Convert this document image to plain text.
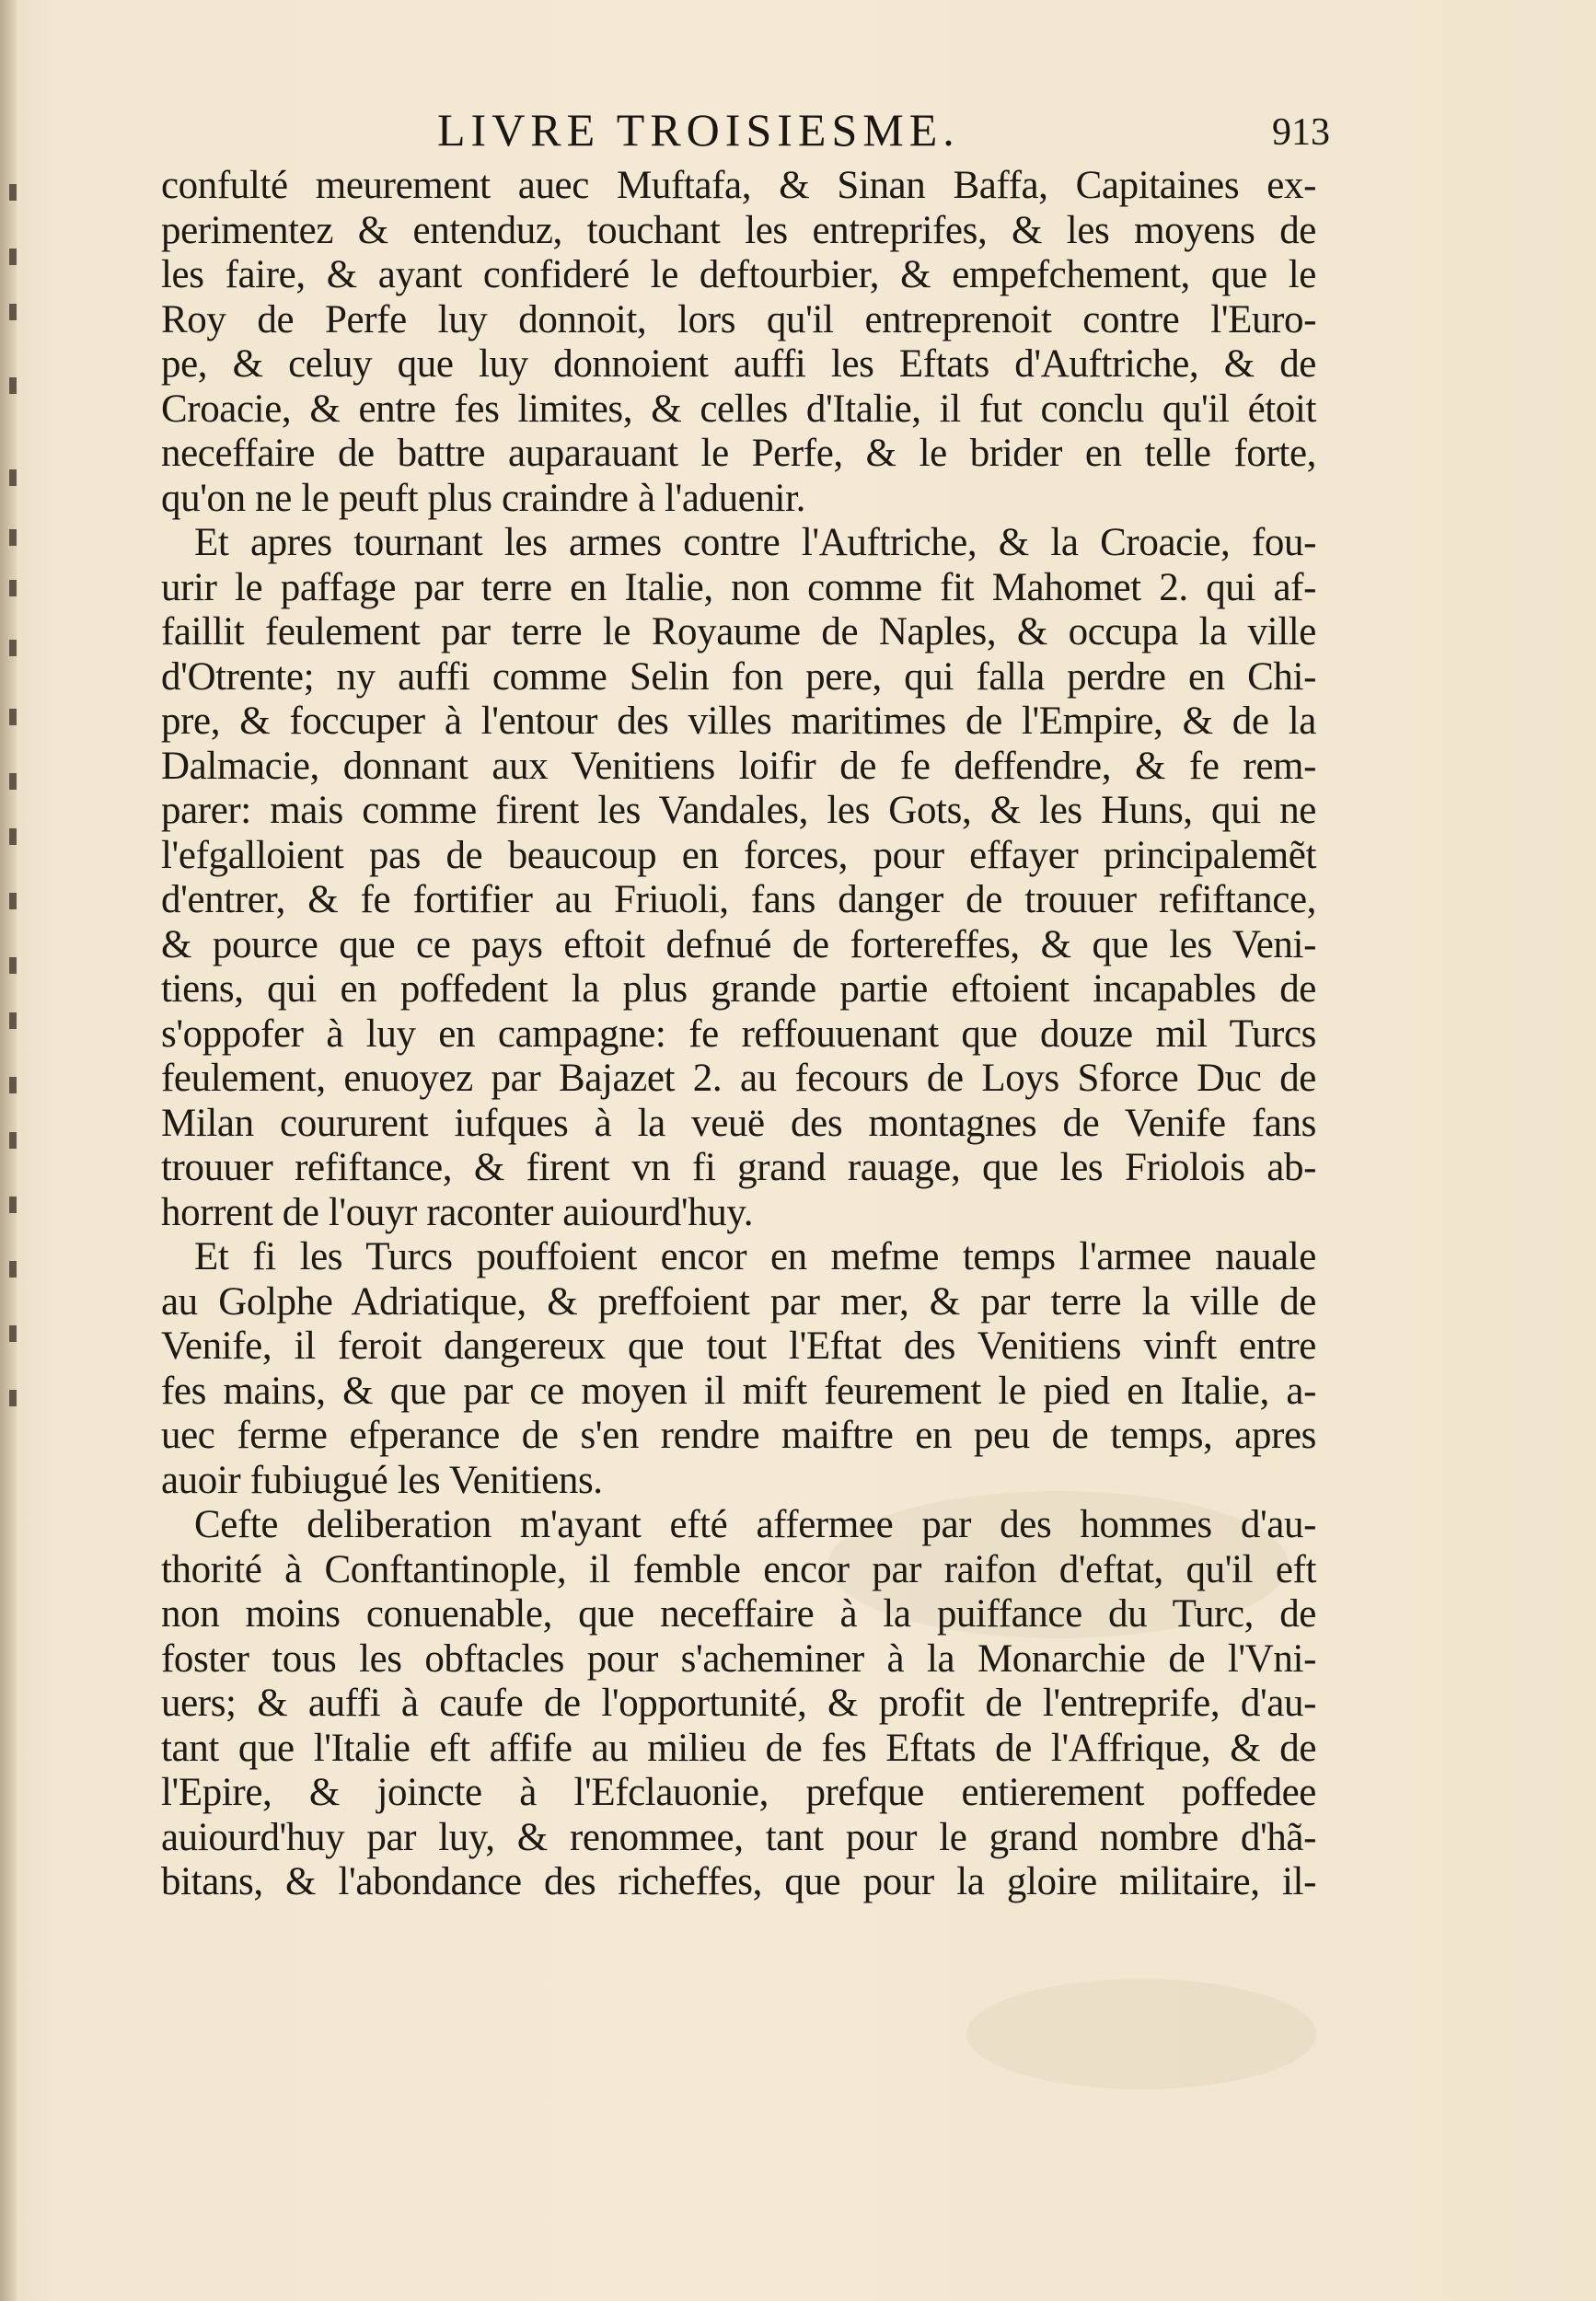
LIVRE TROISIESME.	913
confulté meurement auec Muftafa, & Sinan Baffa, Capitaines ex-
perimentez & entenduz, touchant les entreprifes, & les moyens de
les faire, & ayant confideré le deftourbier, & empefchement, que le
Roy de Perfe luy donnoit, lors qu'il entreprenoit contre l'Euro-
pe, & celuy que luy donnoient auffi les Eftats d'Auftriche, & de
Croacie, & entre fes limites, & celles d'Italie, il fut conclu qu'il étoit
neceffaire de battre auparauant le Perfe, & le brider en telle forte,
qu'on ne le peuft plus craindre à l'aduenir.
Et apres tournant les armes contre l'Auftriche, & la Croacie, fou-
urir le paffage par terre en Italie, non comme fit Mahomet 2. qui af-
faillit feulement par terre le Royaume de Naples, & occupa la ville
d'Otrente; ny auffi comme Selin fon pere, qui falla perdre en Chi-
pre, & foccuper à l'entour des villes maritimes de l'Empire, & de la
Dalmacie, donnant aux Venitiens loifir de fe deffendre, & fe rem-
parer: mais comme firent les Vandales, les Gots, & les Huns, qui ne
l'efgalloient pas de beaucoup en forces, pour effayer principalemẽt
d'entrer, & fe fortifier au Friuoli, fans danger de trouuer refiftance,
& pource que ce pays eftoit defnué de fortereffes, & que les Veni-
tiens, qui en poffedent la plus grande partie eftoient incapables de
s'oppofer à luy en campagne: fe reffouuenant que douze mil Turcs
feulement, enuoyez par Bajazet 2. au fecours de Loys Sforce Duc de
Milan coururent iufques à la veuë des montagnes de Venife fans
trouuer refiftance, & firent vn fi grand rauage, que les Friolois ab-
horrent de l'ouyr raconter auiourd'huy.
Et fi les Turcs pouffoient encor en mefme temps l'armee naualе
au Golphe Adriatique, & preffoient par mer, & par terre la ville de
Venife, il feroit dangereux que tout l'Eftat des Venitiens vinft entre
fes mains, & que par ce moyen il mift feurement le pied en Italie, a-
uec ferme efperance de s'en rendre maiftre en peu de temps, apres
auoir fubiugué les Venitiens.
Cefte deliberation m'ayant efté affermee par des hommes d'au-
thorité à Conftantinople, il femble encor par raifon d'eftat, qu'il eft
non moins conuenable, que neceffaire à la puiffance du Turc, de
foster tous les obftacles pour s'acheminer à la Monarchie de l'Vni-
uers; & auffi à caufe de l'opportunité, & profit de l'entreprife, d'au-
tant que l'Italie eft affife au milieu de fes Eftats de l'Affrique, & de
l'Epire, & joincte à l'Efclauonie, prefque entierement poffedee
auiourd'huy par luy, & renommee, tant pour le grand nombre d'hã-
bitans, & l'abondance des richeffes, que pour la gloire militaire, il-
